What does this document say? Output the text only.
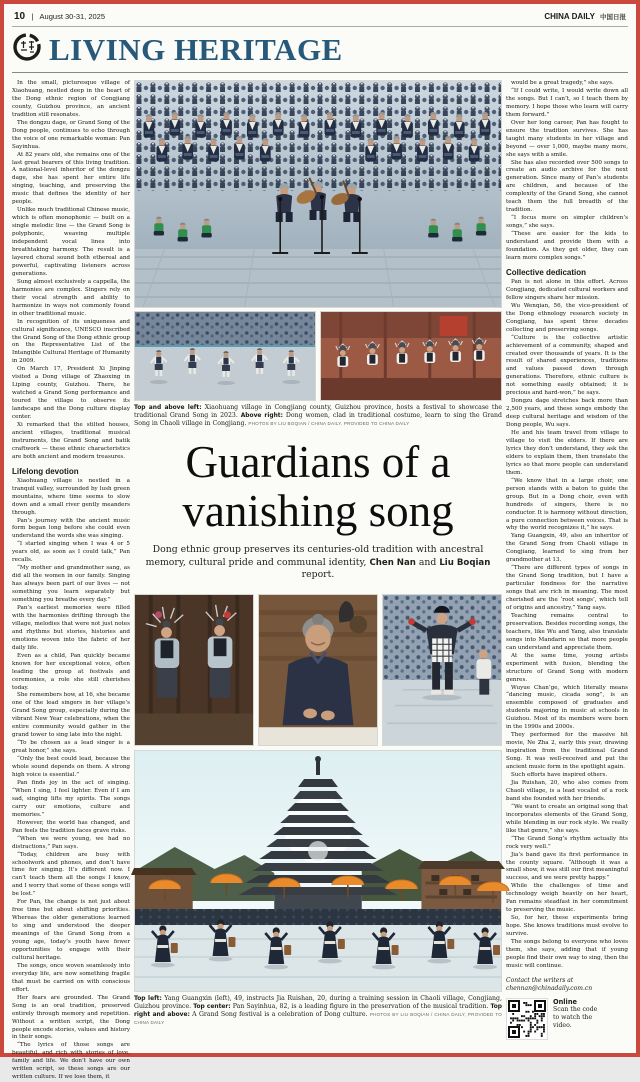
10 | August 30-31, 2025	CHINA DAILY 中国日报
LIVING HERITAGE

In the small, picturesque village of Xiaohuang, nestled deep in the heart of the Dong ethnic region of Congjiang county, Guizhou province, an ancient tradition still resonates.

The dongzu dage, or Grand Song of the Dong people, continues to echo through the voice of one remarkable woman: Pan Sayinhua.

At 82 years old, she remains one of the last great bearers of this living tradition. A national-level inheritor of the dongzu dage, she has spent her entire life singing, teaching, and preserving the music that defines the identity of her people.

Unlike much traditional Chinese music, which is often monophonic — built on a single melodic line — the Grand Song is polyphonic, weaving multiple independent vocal lines into breathtaking harmony. The result is a layered choral sound both ethereal and powerful, captivating listeners across generations.

Sung almost exclusively a cappella, the harmonies are complex. Singers rely on their vocal strength and ability to harmonize in ways not commonly found in other traditional music.

In recognition of its uniqueness and cultural significance, UNESCO inscribed the Grand Song of the Dong ethnic group on the Representative List of the Intangible Cultural Heritage of Humanity in 2009.

On March 17, President Xi Jinping visited a Dong village of Zhaoxing in Liping county, Guizhou. There, he watched a Grand Song performance and toured the village to observe its landscape and the Dong culture display center.

Xi remarked that the stilted houses, ancient villages, traditional musical instruments, the Grand Song and batik craftwork — these ethnic characteristics are both ancient and modern treasures.

Lifelong devotion

Xiaohuang village is nestled in a tranquil valley, surrounded by lush green mountains, where time seems to slow down and a small river gently meanders through.

Pan’s journey with the ancient music form began long before she could even understand the words she was singing.

“I started singing when I was 4 or 5 years old, as soon as I could talk,” Pan recalls.

“My mother and grandmother sang, as did all the women in our family. Singing has always been part of our lives — not something you learn separately but something you breathe every day.”

Pan’s earliest memories were filled with the harmonies drifting through the village, melodies that were not just notes and rhythms but stories, histories and emotions woven into the fabric of her daily life.

Even as a child, Pan quickly became known for her exceptional voice, often leading the group at festivals and ceremonies, a role she still cherishes today.

She remembers how, at 16, she became one of the lead singers in her village’s Grand Song group, especially during the vibrant New Year celebrations, when the entire community would gather in the grand tower to sing late into the night.

“To be chosen as a lead singer is a great honor,” she says.

“Only the best could lead, because the whole sound depends on them. A strong high voice is essential.”

Pan finds joy in the act of singing. “When I sing, I feel lighter. Even if I am sad, singing lifts my spirits. The songs carry our emotions, culture and memories.”

However, the world has changed, and Pan feels the tradition faces grave risks.

“When we were young, we had no distractions,” Pan says.

“Today, children are busy with schoolwork and phones, and don’t have time for singing. It’s different now. I can’t teach them all the songs I know, and I worry that some of these songs will be lost.”

For Pan, the change is not just about free time but about shifting priorities. Whereas the older generations learned to sing and understood the deeper meanings of the Grand Song from a young age, today’s youth have fewer opportunities to engage with their cultural heritage.

The songs, once woven seamlessly into everyday life, are now something fragile that must be carried on with conscious effort.

Her fears are grounded. The Grand Song is an oral tradition, preserved entirely through memory and repetition. Without a written script, the Dong people encode stories, values and history in their songs.

“The lyrics of those songs are beautiful, and rich with stories of love, family and life. We don’t have our own written script, so these songs are our written culture. If we lose them, it

Top and above left: Xiaohuang village in Congjiang county, Guizhou province, hosts a festival to showcase the traditional Grand Song in 2023. Above right: Dong women, clad in traditional costume, learn to sing the Grand Song in Chaoli village in Congjiang. PHOTOS BY LIU BOQIAN / CHINA DAILY, PROVIDED TO CHINA DAILY
Guardians of a vanishing song
Dong ethnic group preserves its centuries-old tradition with ancestral memory, cultural pride and communal identity, Chen Nan and Liu Boqian report.
Top left: Yang Guangxin (left), 49, instructs Jia Ruishan, 20, during a training session in Chaoli village, Congjiang, Guizhou province. Top center: Pan Sayinhua, 82, is a leading figure in the preservation of the musical tradition. Top right and above: A Grand Song festival is a celebration of Dong culture. PHOTOS BY LIU BOQIAN / CHINA DAILY, PROVIDED TO CHINA DAILY

would be a great tragedy,” she says.

“If I could write, I would write down all the songs. But I can’t, so I teach them by memory. I hope those who learn will carry them forward.”

Over her long career, Pan has fought to ensure the tradition survives. She has taught many students in her village and beyond — over 1,000, maybe many more, she says with a smile.

She has also recorded over 500 songs to create an audio archive for the next generation. Since many of Pan’s students are children, and because of the complexity of the Grand Song, she cannot teach them the full breadth of the tradition.

“I focus more on simpler children’s songs,” she says.

“These are easier for the kids to understand and provide them with a foundation. As they get older, they can learn more complex songs.”

Collective dedication

Pan is not alone in this effort. Across Congjiang, dedicated cultural workers and fellow singers share her mission.

Wu Wenqian, 56, the vice-president of the Dong ethnology research society in Congjiang, has spent three decades collecting and preserving songs.

“Culture is the collective artistic achievement of a community, shaped and created over thousands of years. It is the result of shared experiences, traditions and values passed down through generations. Therefore, ethnic culture is not something easily obtained; it is precious and hard-won,” he says.

Dongzu dage stretches back more than 2,500 years, and these songs embody the deep cultural heritage and wisdom of the Dong people, Wu says.

He and his team travel from village to village to visit the elders. If there are lyrics they don’t understand, they ask the elders to explain them, then translate the lyrics so that more people can understand them.

“We know that in a large choir, one person stands with a baton to guide the group. But in a Dong choir, even with hundreds of singers, there is no conductor. It is harmony without direction, a pure connection between voices. That is why the world recognizes it,” he says.

Yang Guangxin, 49, also an inheritor of the Grand Song from Chaoli village in Congjiang, learned to sing from her grandmother at 13.

“There are different types of songs in the Grand Song tradition, but I have a particular fondness for the narrative songs that are rich in meaning. The most cherished are the ‘root songs’, which tell of origins and ancestry,” Yang says.

Teaching remains central to preservation. Besides recording songs, the teachers, like Wu and Yang, also translate songs into Mandarin so that more people can understand and appreciate them.

At the same time, young artists experiment with fusion, blending the structure of Grand Song with modern genres.

Wuyue Chan’ge, which literally means “dancing music, cicada song”, is an ensemble composed of graduates and students majoring in music at schools in Guizhou. Most of its members were born in the 1990s and 2000s.

They performed for the massive hit movie, Ne Zha 2, early this year, drawing inspiration from the traditional Grand Song. It was well-received and put the ancient music form in the spotlight again.

Such efforts have inspired others.

Jia Ruishan, 20, who also comes from Chaoli village, is a lead vocalist of a rock band she founded with her friends.

“We want to create an original song that incorporates elements of the Grand Song, while blending in our rock style. We really like that genre,” she says.

“The Grand Song’s rhythm actually fits rock very well.”

Jia’s band gave its first performance in the county square. “Although it was a small show, it was still our first meaningful success, and we were pretty happy.”

While the challenges of time and technology weigh heavily on her heart, Pan remains steadfast in her commitment to preserving the music.

So, for her, these experiments bring hope. She knows traditions must evolve to survive.

The songs belong to everyone who loves them, she says, adding that if young people find their own way to sing, then the music will continue.

Contact the writers at
chennan@chinadaily.com.cn
Online
Scan the code
to watch the
video.
